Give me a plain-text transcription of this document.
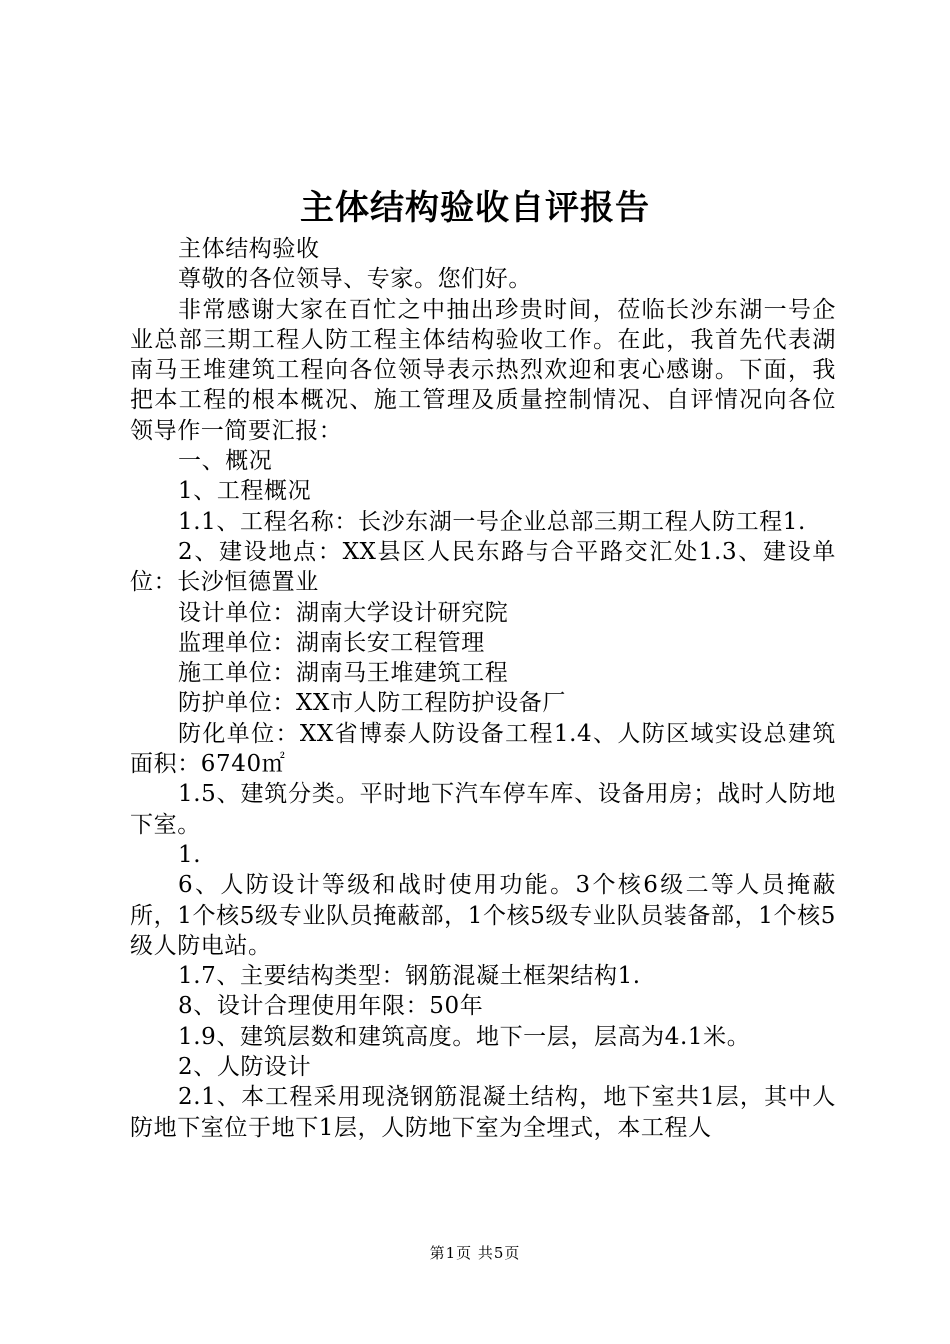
主体结构验收自评报告

主体结构验收

尊敬的各位领导、专家。您们好。

非常感谢大家在百忙之中抽出珍贵时间，莅临长沙东湖一号企业总部三期工程人防工程主体结构验收工作。在此，我首先代表湖南马王堆建筑工程向各位领导表示热烈欢迎和衷心感谢。下面，我把本工程的根本概况、施工管理及质量控制情况、自评情况向各位领导作一简要汇报：

一、概况

1、工程概况

1.1、工程名称：长沙东湖一号企业总部三期工程人防工程1.

2、建设地点：XX县区人民东路与合平路交汇处1.3、建设单位：长沙恒德置业

设计单位：湖南大学设计研究院

监理单位：湖南长安工程管理

施工单位：湖南马王堆建筑工程

防护单位：XX市人防工程防护设备厂

防化单位：XX省博泰人防设备工程1.4、人防区域实设总建筑面积：6740㎡

1.5、建筑分类。平时地下汽车停车库、设备用房；战时人防地下室。

1.

6、人防设计等级和战时使用功能。3个核6级二等人员掩蔽所，1个核5级专业队员掩蔽部，1个核5级专业队员装备部，1个核5级人防电站。

1.7、主要结构类型：钢筋混凝土框架结构1.

8、设计合理使用年限：50年

1.9、建筑层数和建筑高度。地下一层，层高为4.1米。

2、人防设计

2.1、本工程采用现浇钢筋混凝土结构，地下室共1层，其中人防地下室位于地下1层，人防地下室为全埋式，本工程人

第1页 共5页
